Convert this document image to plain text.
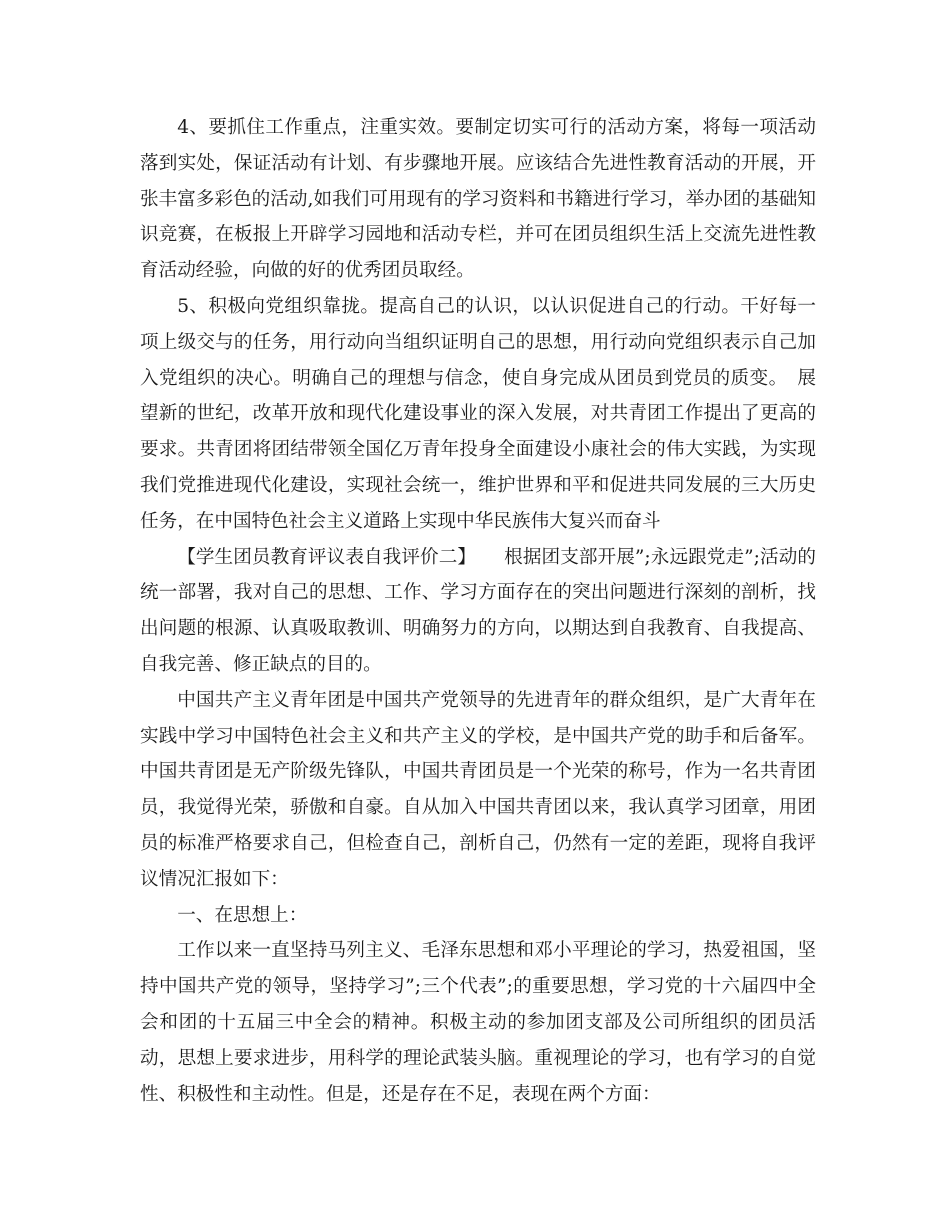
4、要抓住工作重点，注重实效。要制定切实可行的活动方案，将每一项活动落到实处，保证活动有计划、有步骤地开展。应该结合先进性教育活动的开展，开张丰富多彩色的活动,如我们可用现有的学习资料和书籍进行学习，举办团的基础知识竞赛，在板报上开辟学习园地和活动专栏，并可在团员组织生活上交流先进性教育活动经验，向做的好的优秀团员取经。

5、积极向党组织靠拢。提高自己的认识，以认识促进自己的行动。干好每一项上级交与的任务，用行动向当组织证明自己的思想，用行动向党组织表示自己加入党组织的决心。明确自己的理想与信念，使自身完成从团员到党员的质变。　展望新的世纪，改革开放和现代化建设事业的深入发展，对共青团工作提出了更高的要求。共青团将团结带领全国亿万青年投身全面建设小康社会的伟大实践，为实现我们党推进现代化建设，实现社会统一，维护世界和平和促进共同发展的三大历史任务，在中国特色社会主义道路上实现中华民族伟大复兴而奋斗

【学生团员教育评议表自我评价二】　　根据团支部开展”;永远跟党走”;活动的统一部署，我对自己的思想、工作、学习方面存在的突出问题进行深刻的剖析，找出问题的根源、认真吸取教训、明确努力的方向，以期达到自我教育、自我提高、自我完善、修正缺点的目的。

中国共产主义青年团是中国共产党领导的先进青年的群众组织，是广大青年在实践中学习中国特色社会主义和共产主义的学校，是中国共产党的助手和后备军。中国共青团是无产阶级先锋队，中国共青团员是一个光荣的称号，作为一名共青团员，我觉得光荣，骄傲和自豪。自从加入中国共青团以来，我认真学习团章，用团员的标准严格要求自己，但检查自己，剖析自己，仍然有一定的差距，现将自我评议情况汇报如下：

一、在思想上：

工作以来一直坚持马列主义、毛泽东思想和邓小平理论的学习，热爱祖国，坚持中国共产党的领导，坚持学习”;三个代表”;的重要思想，学习党的十六届四中全会和团的十五届三中全会的精神。积极主动的参加团支部及公司所组织的团员活动，思想上要求进步，用科学的理论武装头脑。重视理论的学习，也有学习的自觉性、积极性和主动性。但是，还是存在不足，表现在两个方面：
